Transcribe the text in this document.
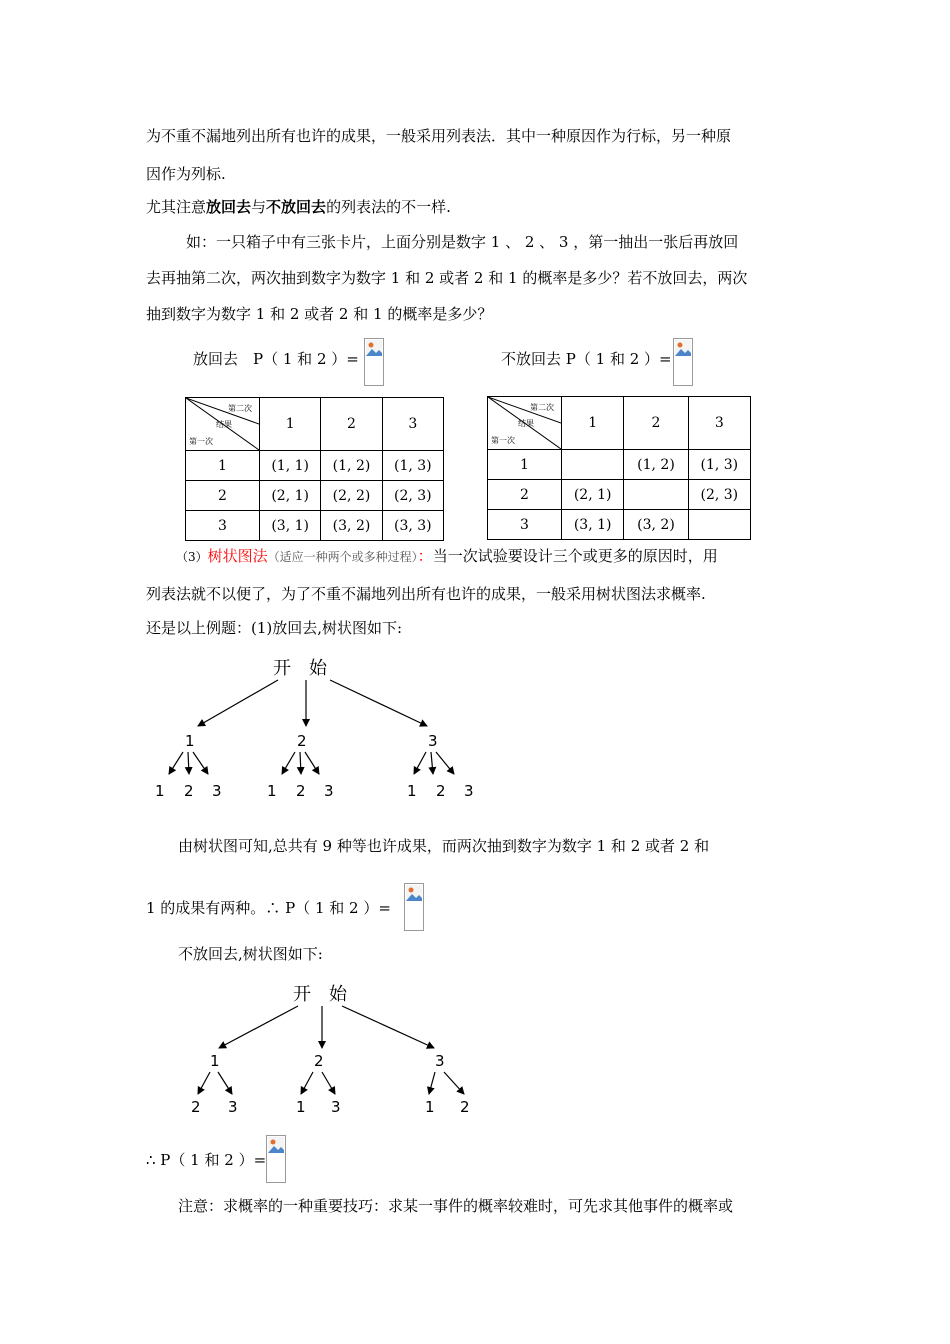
为不重不漏地列出所有也许的成果，一般采用列表法．其中一种原因作为行标，另一种原
因作为列标.
尤其注意放回去与不放回去的列表法的不一样.
如：一只箱子中有三张卡片，上面分别是数字 1 、 2 、 3 ，第一抽出一张后再放回
去再抽第二次，两次抽到数字为数字 1 和 2 或者 2 和 1 的概率是多少？若不放回去，两次
抽到数字为数字 1 和 2 或者 2 和 1 的概率是多少？
放回去　P（ 1 和 2 ）=	不放回去 P（ 1 和 2 ）=
第二次
结果
第一次	1	2	3
1	(1, 1)	(1, 2)	(1, 3)
2	(2, 1)	(2, 2)	(2, 3)
3	(3, 1)	(3, 2)	(3, 3)
第二次
结果
第一次	1	2	3
1		(1, 2)	(1, 3)
2	(2, 1)		(2, 3)
3	(3, 1)	(3, 2)	
（3）树状图法（适应一种两个或多种过程）：当一次试验要设计三个或更多的原因时，用
列表法就不以便了，为了不重不漏地列出所有也许的成果，一般采用树状图法求概率.
还是以上例题：(1)放回去,树状图如下:
开　始
1	2	3
1 2 3	1 2 3	1 2 3
由树状图可知,总共有 9 种等也许成果，而两次抽到数字为数字 1 和 2 或者 2 和
1 的成果有两种。∴ P（ 1 和 2 ）=
不放回去,树状图如下:
开　始
1	2	3
2 3	1 3	1 2
∴ P（ 1 和 2 ）=
注意：求概率的一种重要技巧：求某一事件的概率较难时，可先求其他事件的概率或
